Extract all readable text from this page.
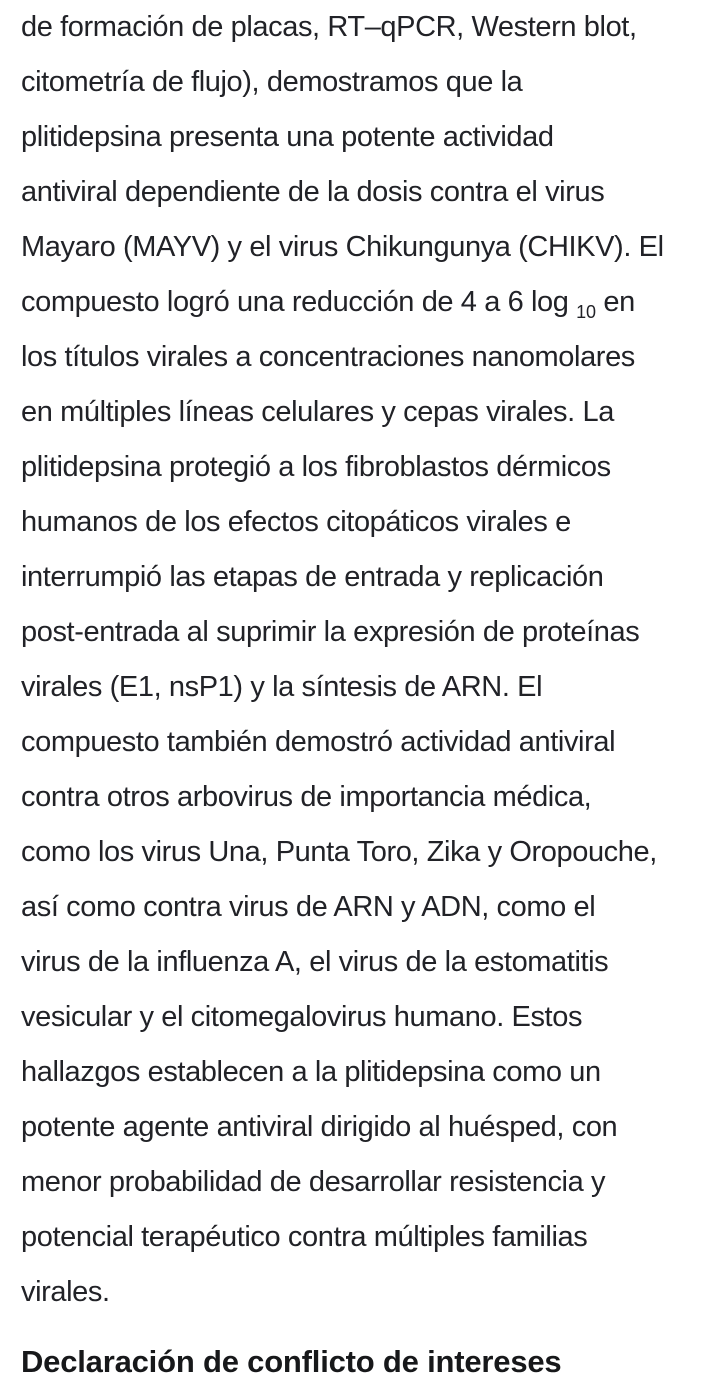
de formación de placas, RT–qPCR, Western blot,
citometría de flujo), demostramos que la
plitidepsina presenta una potente actividad
antiviral dependiente de la dosis contra el virus
Mayaro (MAYV) y el virus Chikungunya (CHIKV). El
compuesto logró una reducción de 4 a 6 log $_{10}$ en
los títulos virales a concentraciones nanomolares
en múltiples líneas celulares y cepas virales. La
plitidepsina protegió a los fibroblastos dérmicos
humanos de los efectos citopáticos virales e
interrumpió las etapas de entrada y replicación
post-entrada al suprimir la expresión de proteínas
virales (E1, nsP1) y la síntesis de ARN. El
compuesto también demostró actividad antiviral
contra otros arbovirus de importancia médica,
como los virus Una, Punta Toro, Zika y Oropouche,
así como contra virus de ARN y ADN, como el
virus de la influenza A, el virus de la estomatitis
vesicular y el citomegalovirus humano. Estos
hallazgos establecen a la plitidepsina como un
potente agente antiviral dirigido al huésped, con
menor probabilidad de desarrollar resistencia y
potencial terapéutico contra múltiples familias
virales.
Declaración de conflicto de intereses
